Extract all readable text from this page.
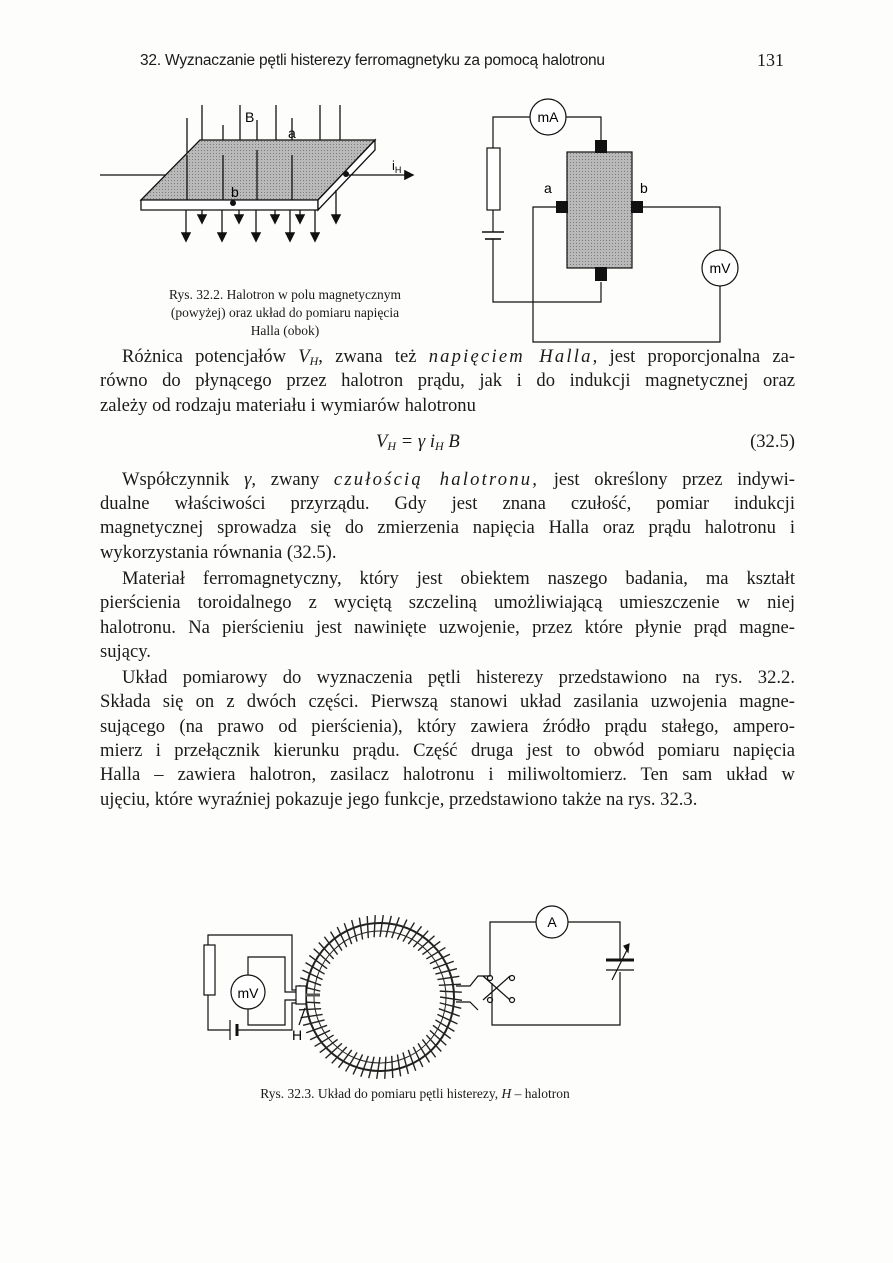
32. Wyznaczanie pętli histerezy ferromagnetyku za pomocą halotronu	131
B
a
b
$i_H$
mA
mV
a	b
Rys. 32.2. Halotron w polu magnetycznym
(powyżej) oraz układ do pomiaru napięcia
Halla (obok)
Różnica potencjałów $V_H$, zwana też napięciem Halla, jest proporcjonalna za-
równo do płynącego przez halotron prądu, jak i do indukcji magnetycznej oraz
zależy od rodzaju materiału i wymiarów halotronu
$V_H = \gamma$ $i_H$ B	(32.5)
Współczynnik γ, zwany czułością halotronu, jest określony przez indywi-
dualne właściwości przyrządu. Gdy jest znana czułość, pomiar indukcji
magnetycznej sprowadza się do zmierzenia napięcia Halla oraz prądu halotronu i
wykorzystania równania (32.5).
Materiał ferromagnetyczny, który jest obiektem naszego badania, ma kształt
pierścienia toroidalnego z wyciętą szczeliną umożliwiającą umieszczenie w niej
halotronu. Na pierścieniu jest nawinięte uzwojenie, przez które płynie prąd magne-
sujący.
Układ pomiarowy do wyznaczenia pętli histerezy przedstawiono na rys. 32.2.
Składa się on z dwóch części. Pierwszą stanowi układ zasilania uzwojenia magne-
sującego (na prawo od pierścienia), który zawiera źródło prądu stałego, ampero-
mierz i przełącznik kierunku prądu. Część druga jest to obwód pomiaru napięcia
Halla – zawiera halotron, zasilacz halotronu i miliwoltomierz. Ten sam układ w
ujęciu, które wyraźniej pokazuje jego funkcje, przedstawiono także na rys. 32.3.
mV
H
A
Rys. 32.3. Układ do pomiaru pętli histerezy, H – halotron
